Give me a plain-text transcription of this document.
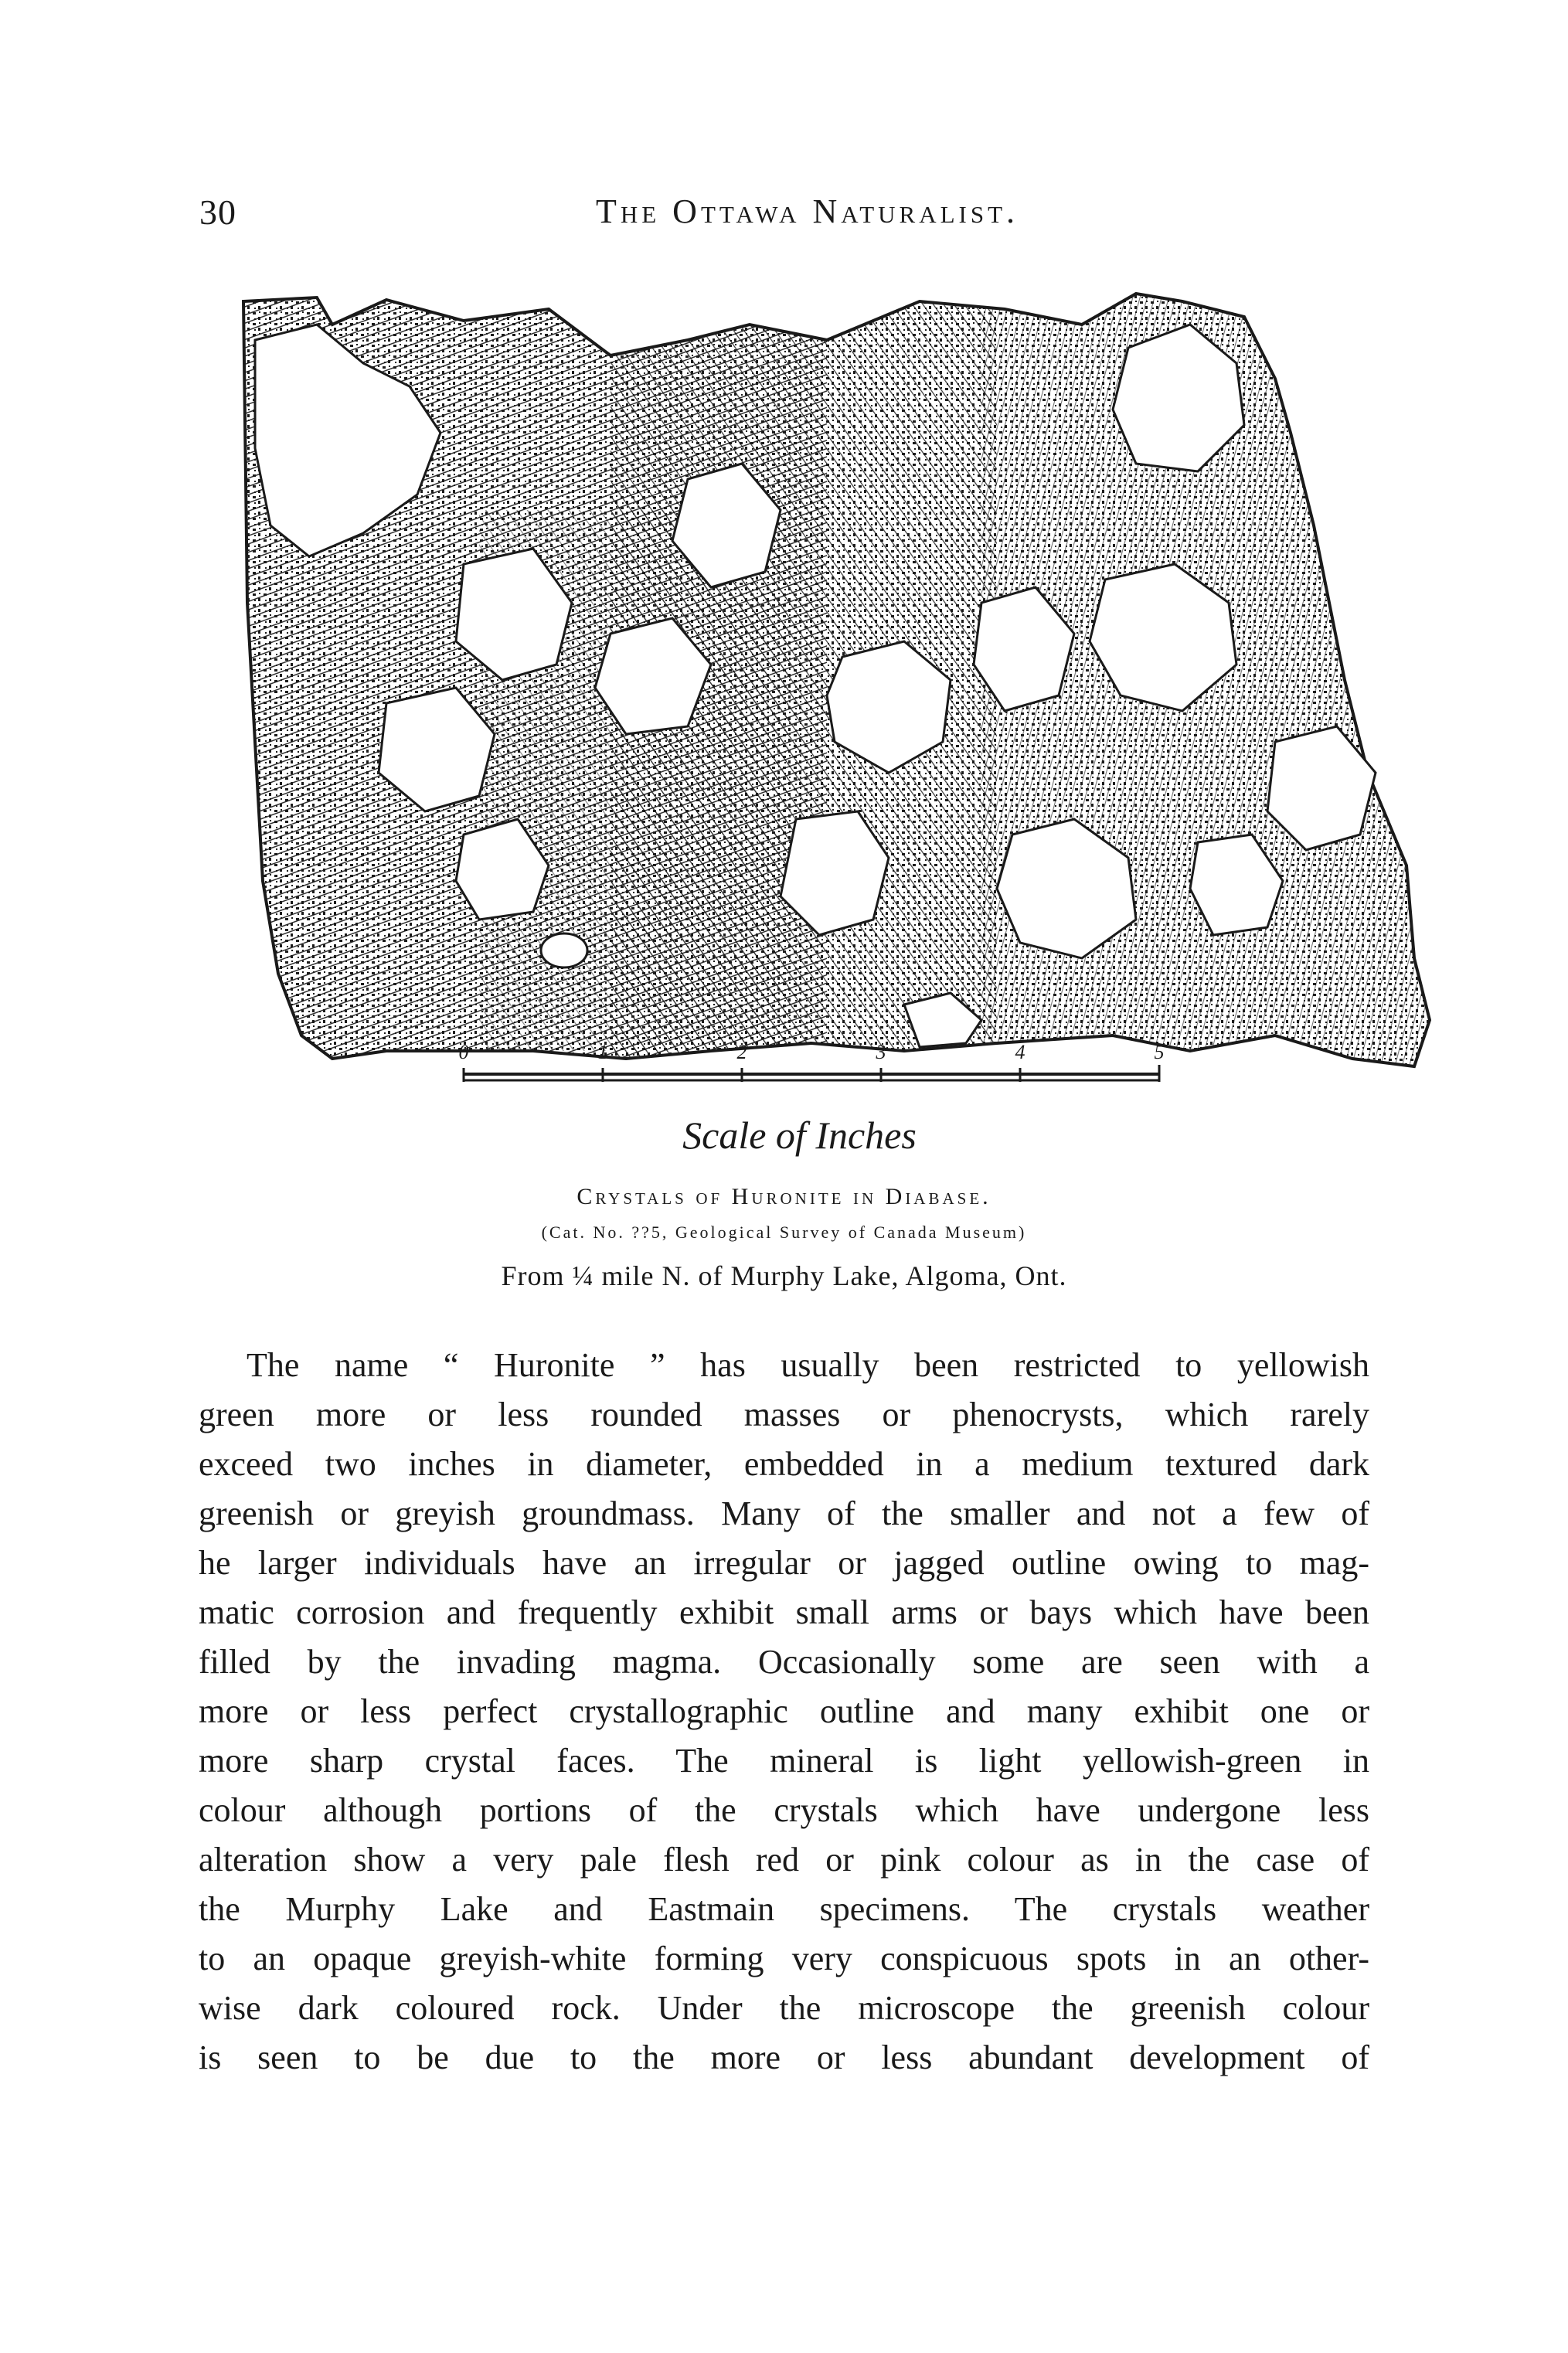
30	The Ottawa Naturalist.
0	1	2	3	4	5
Scale of Inches
Crystals of Huronite in Diabase.
(Cat. No. ??5, Geological Survey of Canada Museum)
From ¼ mile N. of Murphy Lake, Algoma, Ont.
The name “ Huronite ” has usually been restricted to yellowish
green more or less rounded masses or phenocrysts, which rarely
exceed two inches in diameter, embedded in a medium textured dark
greenish or greyish groundmass. Many of the smaller and not a few of
he larger individuals have an irregular or jagged outline owing to mag-
matic corrosion and frequently exhibit small arms or bays which have been
filled by the invading magma. Occasionally some are seen with a
more or less perfect crystallographic outline and many exhibit one or
more sharp crystal faces. The mineral is light yellowish-green in
colour although portions of the crystals which have undergone less
alteration show a very pale flesh red or pink colour as in the case of
the Murphy Lake and Eastmain specimens. The crystals weather
to an opaque greyish-white forming very conspicuous spots in an other-
wise dark coloured rock. Under the microscope the greenish colour
is seen to be due to the more or less abundant development of
